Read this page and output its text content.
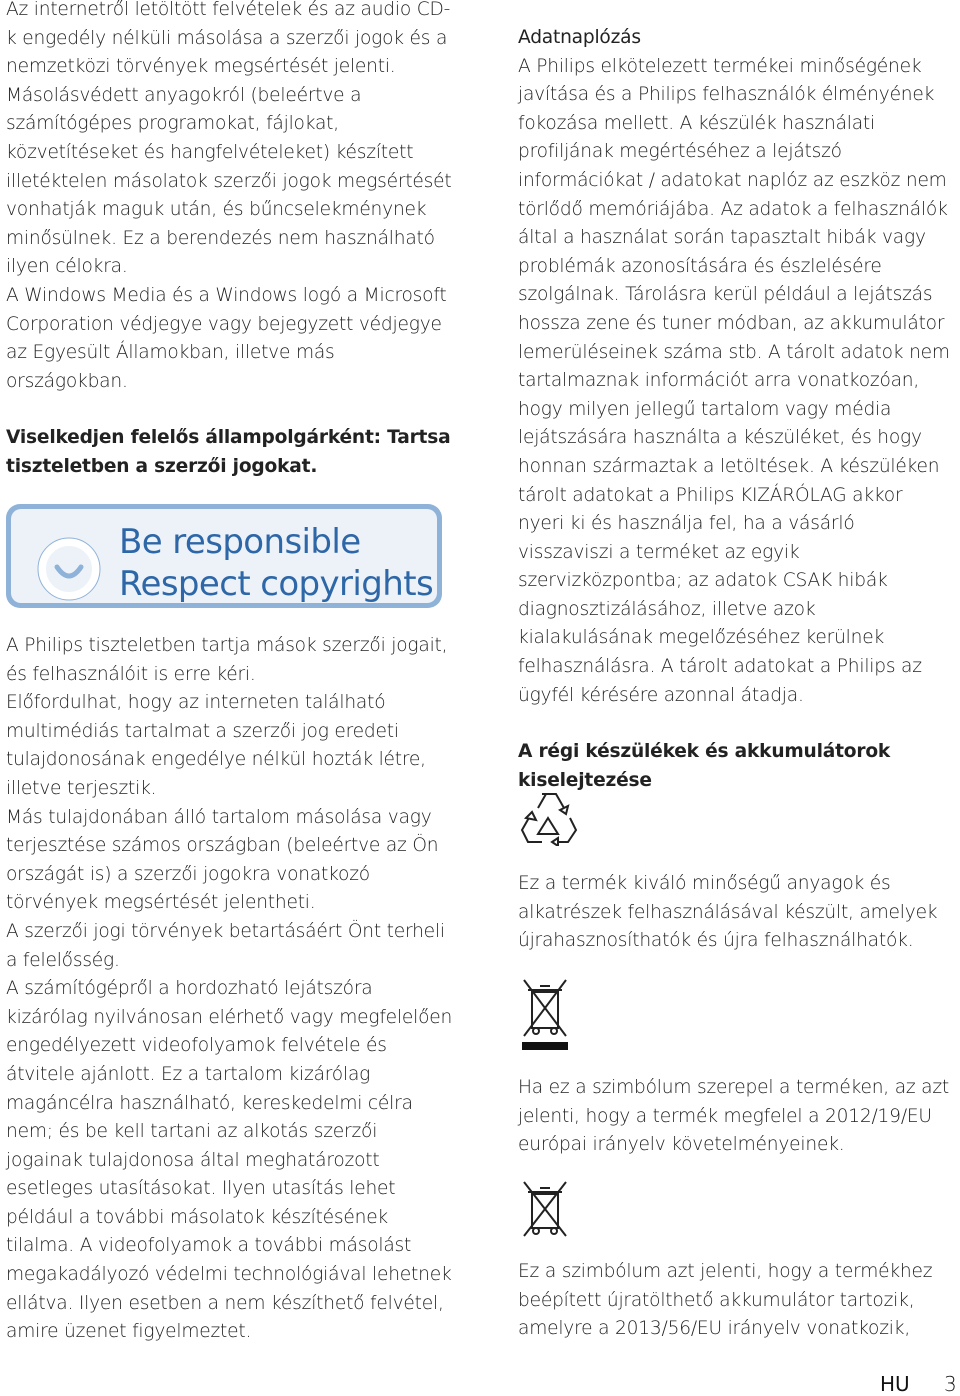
Az internetről letöltött felvételek és az audio CD-k engedély nélküli másolása a szerzői jogok és a nemzetközi törvények megsértését jelenti. Másolásvédett anyagokról (beleértve a számítógépes programokat, fájlokat, közvetítéseket és hangfelvételeket) készített illetéktelen másolatok szerzői jogok megsértését vonhatják maguk után, és bűncselekménynek minősülnek. Ez a berendezés nem használható ilyen célokra.

A Windows Media és a Windows logó a Microsoft Corporation védjegye vagy bejegyzett védjegye az Egyesült Államokban, illetve más országokban.

Viselkedjen felelős állampolgárként: Tartsa tiszteletben a szerzői jogokat.

Be responsible
Respect copyrights

A Philips tiszteletben tartja mások szerzői jogait, és felhasználóit is erre kéri.

Előfordulhat, hogy az interneten található multimédiás tartalmat a szerzői jog eredeti tulajdonosának engedélye nélkül hozták létre, illetve terjesztik.

Más tulajdonában álló tartalom másolása vagy terjesztése számos országban (beleértve az Ön országát is) a szerzői jogokra vonatkozó törvények megsértését jelentheti.

A szerzői jogi törvények betartásáért Önt terheli a felelősség.

A számítógépről a hordozható lejátszóra kizárólag nyilvánosan elérhető vagy megfelelően engedélyezett videofolyamok felvétele és átvitele ajánlott. Ez a tartalom kizárólag magáncélra használható, kereskedelmi célra nem; és be kell tartani az alkotás szerzői jogainak tulajdonosa által meghatározott esetleges utasításokat. Ilyen utasítás lehet például a további másolatok készítésének tilalma. A videofolyamok a további másolást megakadályozó védelmi technológiával lehetnek ellátva. Ilyen esetben a nem készíthető felvétel, amire üzenet figyelmeztet.

Adatnaplózás

A Philips elkötelezett termékei minőségének javítása és a Philips felhasználók élményének fokozása mellett. A készülék használati profiljának megértéséhez a lejátszó információkat / adatokat naplóz az eszköz nem törlődő memóriájába. Az adatok a felhasználók által a használat során tapasztalt hibák vagy problémák azonosítására és észlelésére szolgálnak. Tárolásra kerül például a lejátszás hossza zene és tuner módban, az akkumulátor lemerüléseinek száma stb. A tárolt adatok nem tartalmaznak információt arra vonatkozóan, hogy milyen jellegű tartalom vagy média lejátszására használta a készüléket, és hogy honnan származtak a letöltések. A készüléken tárolt adatokat a Philips KIZÁRÓLAG akkor nyeri ki és használja fel, ha a vásárló visszaviszi a terméket az egyik szervizközpontba; az adatok CSAK hibák diagnosztizálásához, illetve azok kialakulásának megelőzéséhez kerülnek felhasználásra. A tárolt adatokat a Philips az ügyfél kérésére azonnal átadja.

A régi készülékek és akkumulátorok kiselejtezése

Ez a termék kiváló minőségű anyagok és alkatrészek felhasználásával készült, amelyek újrahasznosíthatók és újra felhasználhatók.

Ha ez a szimbólum szerepel a terméken, az azt jelenti, hogy a termék megfelel a 2012/19/EU európai irányelv követelményeinek.

Ez a szimbólum azt jelenti, hogy a termékhez beépített újratölthető akkumulátor tartozik, amelyre a 2013/56/EU irányelv vonatkozik,

HU 3
